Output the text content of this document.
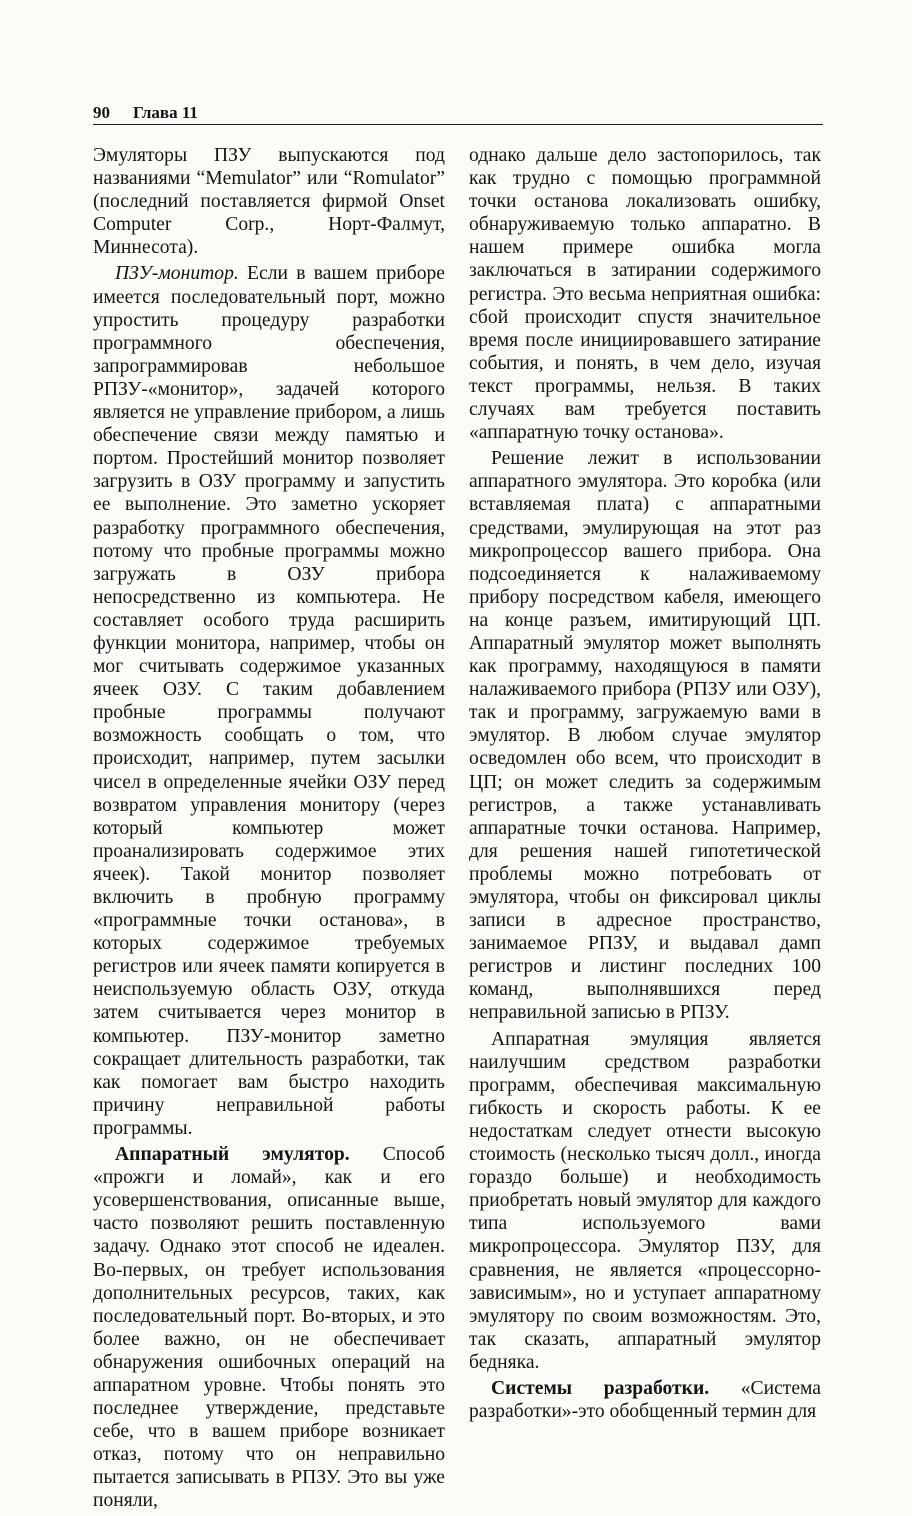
90 Глава 11

Эмуляторы ПЗУ выпускаются под названиями “Memulator” или “Romulator” (последний поставляется фирмой Onset Computer Corp., Норт-Фалмут, Миннесота).

ПЗУ-монитор. Если в вашем приборе имеется последовательный порт, можно упростить процедуру разработки программного обеспечения, запрограммировав небольшое РПЗУ-«монитор», задачей которого является не управление прибором, а лишь обеспечение связи между памятью и портом. Простейший монитор позволяет загрузить в ОЗУ программу и запустить ее выполнение. Это заметно ускоряет разработку программного обеспечения, потому что пробные программы можно загружать в ОЗУ прибора непосредственно из компьютера. Не составляет особого труда расширить функции монитора, например, чтобы он мог считывать содержимое указанных ячеек ОЗУ. С таким добавлением пробные программы получают возможность сообщать о том, что происходит, например, путем засылки чисел в определенные ячейки ОЗУ перед возвратом управления монитору (через который компьютер может проанализировать содержимое этих ячеек). Такой монитор позволяет включить в пробную программу «программные точки останова», в которых содержимое требуемых регистров или ячеек памяти копируется в неиспользуемую область ОЗУ, откуда затем считывается через монитор в компьютер. ПЗУ-монитор заметно сокращает длительность разработки, так как помогает вам быстро находить причину неправильной работы программы.

Аппаратный эмулятор. Способ «прожги и ломай», как и его усовершенствования, описанные выше, часто позволяют решить поставленную задачу. Однако этот способ не идеален. Во-первых, он требует использования дополнительных ресурсов, таких, как последовательный порт. Во-вторых, и это более важно, он не обеспечивает обнаружения ошибочных операций на аппаратном уровне. Чтобы понять это последнее утверждение, представьте себе, что в вашем приборе возникает отказ, потому что он неправильно пытается записывать в РПЗУ. Это вы уже поняли,

однако дальше дело застопорилось, так как трудно с помощью программной точки останова локализовать ошибку, обнаруживаемую только аппаратно. В нашем примере ошибка могла заключаться в затирании содержимого регистра. Это весьма неприятная ошибка: сбой происходит спустя значительное время после инициировавшего затирание события, и понять, в чем дело, изучая текст программы, нельзя. В таких случаях вам требуется поставить «аппаратную точку останова».

Решение лежит в использовании аппаратного эмулятора. Это коробка (или вставляемая плата) с аппаратными средствами, эмулирующая на этот раз микропроцессор вашего прибора. Она подсоединяется к налаживаемому прибору посредством кабеля, имеющего на конце разъем, имитирующий ЦП. Аппаратный эмулятор может выполнять как программу, находящуюся в памяти налаживаемого прибора (РПЗУ или ОЗУ), так и программу, загружаемую вами в эмулятор. В любом случае эмулятор осведомлен обо всем, что происходит в ЦП; он может следить за содержимым регистров, а также устанавливать аппаратные точки останова. Например, для решения нашей гипотетической проблемы можно потребовать от эмулятора, чтобы он фиксировал циклы записи в адресное пространство, занимаемое РПЗУ, и выдавал дамп регистров и листинг последних 100 команд, выполнявшихся перед неправильной записью в РПЗУ.

Аппаратная эмуляция является наилучшим средством разработки программ, обеспечивая максимальную гибкость и скорость работы. К ее недостаткам следует отнести высокую стоимость (несколько тысяч долл., иногда гораздо больше) и необходимость приобретать новый эмулятор для каждого типа используемого вами микропроцессора. Эмулятор ПЗУ, для сравнения, не является «процессорно-зависимым», но и уступает аппаратному эмулятору по своим возможностям. Это, так сказать, аппаратный эмулятор бедняка.

Системы разработки. «Система разработки»-это обобщенный термин для
